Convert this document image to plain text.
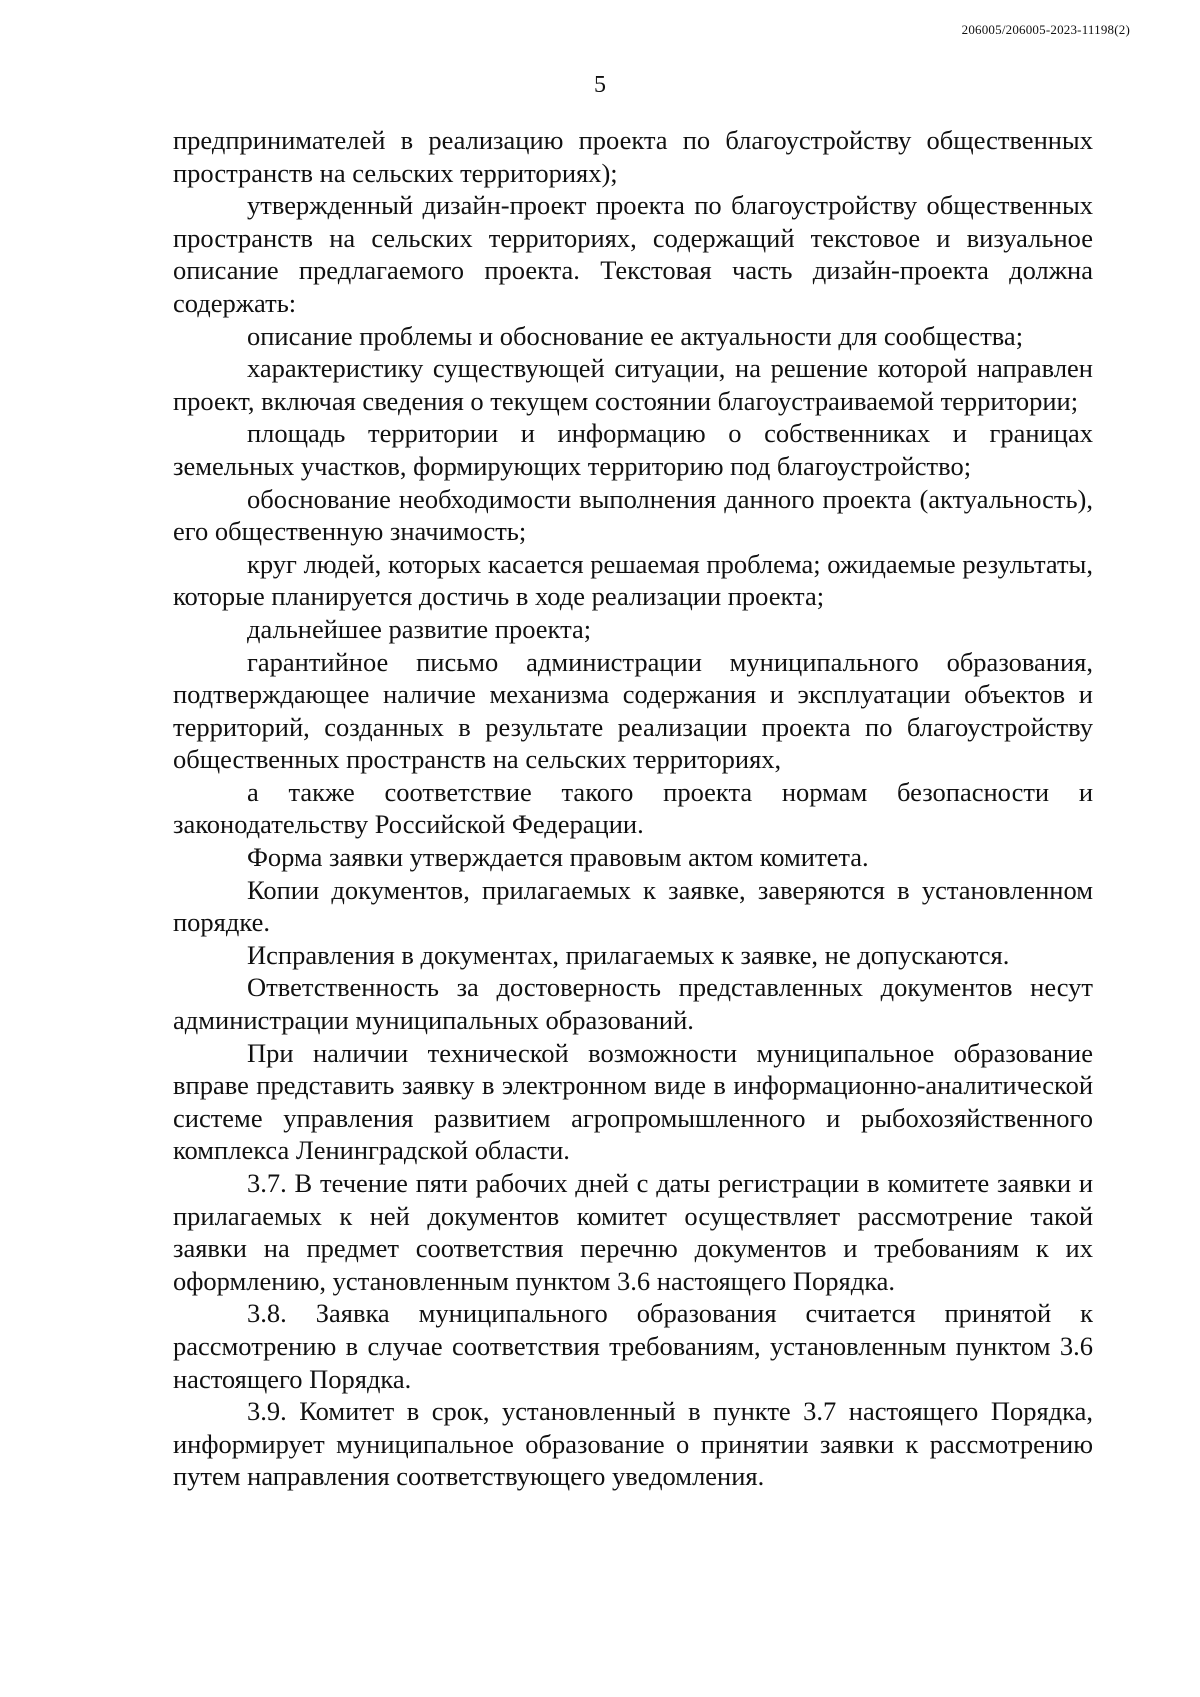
206005/206005-2023-11198(2)
5

предпринимателей в реализацию проекта по благоустройству общественных пространств на сельских территориях);

утвержденный дизайн-проект проекта по благоустройству общественных пространств на сельских территориях, содержащий текстовое и визуальное описание предлагаемого проекта. Текстовая часть дизайн-проекта должна содержать:

описание проблемы и обоснование ее актуальности для сообщества;

характеристику существующей ситуации, на решение которой направлен проект, включая сведения о текущем состоянии благоустраиваемой территории;

площадь территории и информацию о собственниках и границах земельных участков, формирующих территорию под благоустройство;

обоснование необходимости выполнения данного проекта (актуальность), его общественную значимость;

круг людей, которых касается решаемая проблема; ожидаемые результаты, которые планируется достичь в ходе реализации проекта;

дальнейшее развитие проекта;

гарантийное письмо администрации муниципального образования, подтверждающее наличие механизма содержания и эксплуатации объектов и территорий, созданных в результате реализации проекта по благоустройству общественных пространств на сельских территориях,

а также соответствие такого проекта нормам безопасности и законодательству Российской Федерации.

Форма заявки утверждается правовым актом комитета.

Копии документов, прилагаемых к заявке, заверяются в установленном порядке.

Исправления в документах, прилагаемых к заявке, не допускаются.

Ответственность за достоверность представленных документов несут администрации муниципальных образований.

При наличии технической возможности муниципальное образование вправе представить заявку в электронном виде в информационно-аналитической системе управления развитием агропромышленного и рыбохозяйственного комплекса Ленинградской области.

3.7. В течение пяти рабочих дней с даты регистрации в комитете заявки и прилагаемых к ней документов комитет осуществляет рассмотрение такой заявки на предмет соответствия перечню документов и требованиям к их оформлению, установленным пунктом 3.6 настоящего Порядка.

3.8. Заявка муниципального образования считается принятой к рассмотрению в случае соответствия требованиям, установленным пунктом 3.6 настоящего Порядка.

3.9. Комитет в срок, установленный в пункте 3.7 настоящего Порядка, информирует муниципальное образование о принятии заявки к рассмотрению путем направления соответствующего уведомления.
